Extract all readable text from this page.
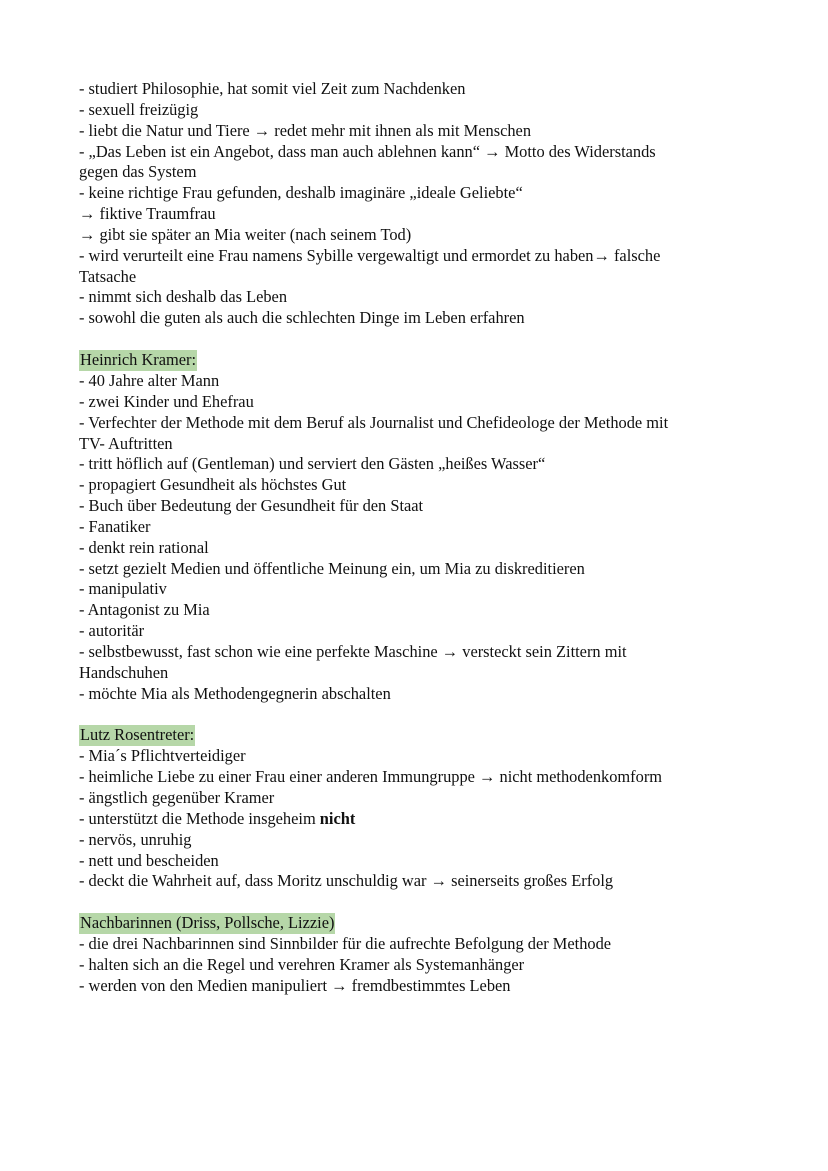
- studiert Philosophie, hat somit viel Zeit zum Nachdenken
- sexuell freizügig
- liebt die Natur und Tiere → redet mehr mit ihnen als mit Menschen
- „Das Leben ist ein Angebot, dass man auch ablehnen kann“ → Motto des Widerstands
gegen das System
- keine richtige Frau gefunden, deshalb imaginäre „ideale Geliebte“
→ fiktive Traumfrau
→ gibt sie später an Mia weiter (nach seinem Tod)
- wird verurteilt eine Frau namens Sybille vergewaltigt und ermordet zu haben→ falsche
Tatsache
- nimmt sich deshalb das Leben
- sowohl die guten als auch die schlechten Dinge im Leben erfahren
Heinrich Kramer:
- 40 Jahre alter Mann
- zwei Kinder und Ehefrau
- Verfechter der Methode mit dem Beruf als Journalist und Chefideologe der Methode mit
TV- Auftritten
- tritt höflich auf (Gentleman) und serviert den Gästen „heißes Wasser“
- propagiert Gesundheit als höchstes Gut
- Buch über Bedeutung der Gesundheit für den Staat
- Fanatiker
- denkt rein rational
- setzt gezielt Medien und öffentliche Meinung ein, um Mia zu diskreditieren
- manipulativ
- Antagonist zu Mia
- autoritär
- selbstbewusst, fast schon wie eine perfekte Maschine → versteckt sein Zittern mit
Handschuhen
- möchte Mia als Methodengegnerin abschalten
Lutz Rosentreter:
- Mia´s Pflichtverteidiger
- heimliche Liebe zu einer Frau einer anderen Immungruppe → nicht methodenkomform
- ängstlich gegenüber Kramer
- unterstützt die Methode insgeheim nicht
- nervös, unruhig
- nett und bescheiden
- deckt die Wahrheit auf, dass Moritz unschuldig war → seinerseits großes Erfolg
Nachbarinnen (Driss, Pollsche, Lizzie)
- die drei Nachbarinnen sind Sinnbilder für die aufrechte Befolgung der Methode
- halten sich an die Regel und verehren Kramer als Systemanhänger
- werden von den Medien manipuliert → fremdbestimmtes Leben
